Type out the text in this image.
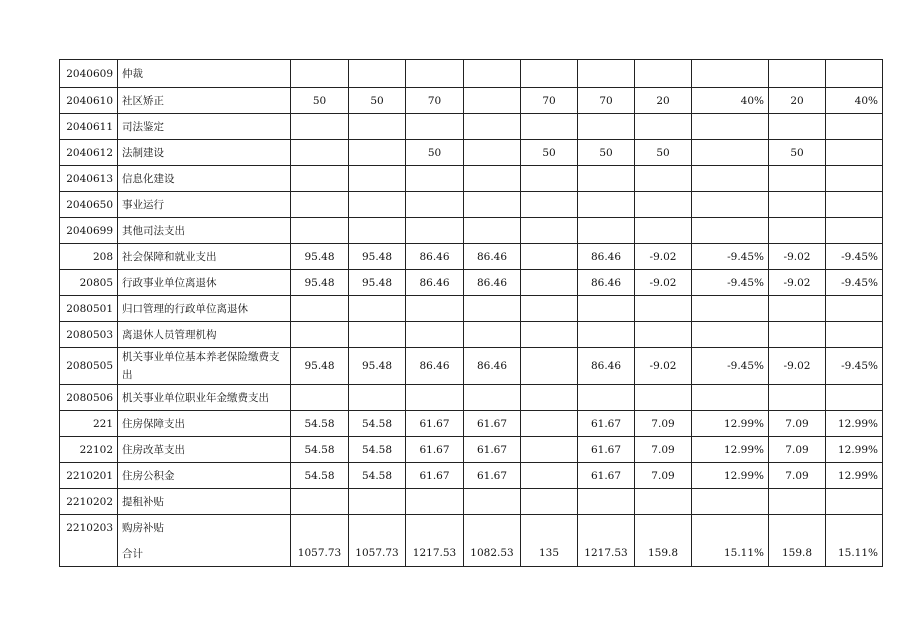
2040609	仲裁										
2040610	社区矫正	50	50	70		70	70	20	40%	20	40%
2040611	司法鉴定										
2040612	法制建设			50		50	50	50		50	
2040613	信息化建设										
2040650	事业运行										
2040699	其他司法支出										
208	社会保障和就业支出	95.48	95.48	86.46	86.46		86.46	-9.02	-9.45%	-9.02	-9.45%
20805	行政事业单位离退休	95.48	95.48	86.46	86.46		86.46	-9.02	-9.45%	-9.02	-9.45%
2080501	归口管理的行政单位离退休										
2080503	离退休人员管理机构										
2080505	机关事业单位基本养老保险缴费支出	95.48	95.48	86.46	86.46		86.46	-9.02	-9.45%	-9.02	-9.45%
2080506	机关事业单位职业年金缴费支出										
221	住房保障支出	54.58	54.58	61.67	61.67		61.67	7.09	12.99%	7.09	12.99%
22102	住房改革支出	54.58	54.58	61.67	61.67		61.67	7.09	12.99%	7.09	12.99%
2210201	住房公积金	54.58	54.58	61.67	61.67		61.67	7.09	12.99%	7.09	12.99%
2210202	提租补贴										
2210203	购房补贴										
	合计	1057.73	1057.73	1217.53	1082.53	135	1217.53	159.8	15.11%	159.8	15.11%
